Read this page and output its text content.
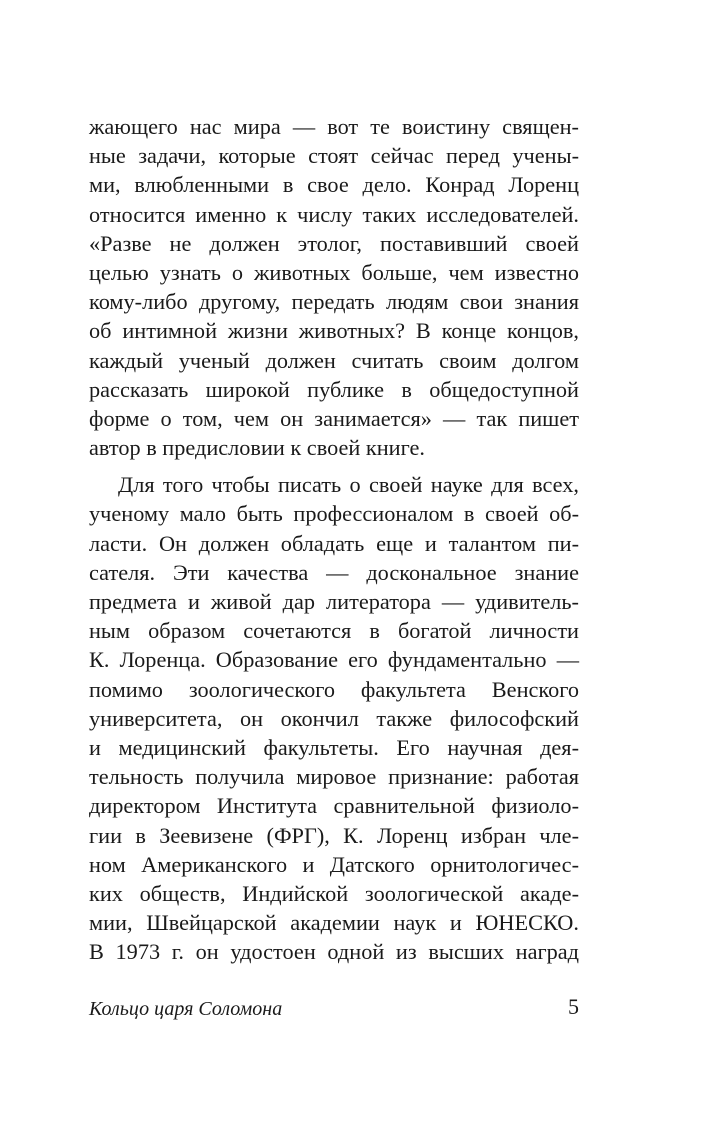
жающего нас мира — вот те воистину священ-
ные задачи, которые стоят сейчас перед учены-
ми, влюбленными в свое дело. Конрад Лоренц
относится именно к числу таких исследователей.
«Разве не должен этолог, поставивший своей
целью узнать о животных больше, чем известно
кому-либо другому, передать людям свои знания
об интимной жизни животных? В конце концов,
каждый ученый должен считать своим долгом
рассказать широкой публике в общедоступной
форме о том, чем он занимается» — так пишет
автор в предисловии к своей книге.
Для того чтобы писать о своей науке для всех,
ученому мало быть профессионалом в своей об-
ласти. Он должен обладать еще и талантом пи-
сателя. Эти качества — доскональное знание
предмета и живой дар литератора — удивитель-
ным образом сочетаются в богатой личности
К. Лоренца. Образование его фундаментально —
помимо зоологического факультета Венского
университета, он окончил также философский
и медицинский факультеты. Его научная дея-
тельность получила мировое признание: работая
директором Института сравнительной физиоло-
гии в Зеевизене (ФРГ), К. Лоренц избран чле-
ном Американского и Датского орнитологичес-
ких обществ, Индийской зоологической акаде-
мии, Швейцарской академии наук и ЮНЕСКО.
В 1973 г. он удостоен одной из высших наград
Кольцо царя Соломона	5
